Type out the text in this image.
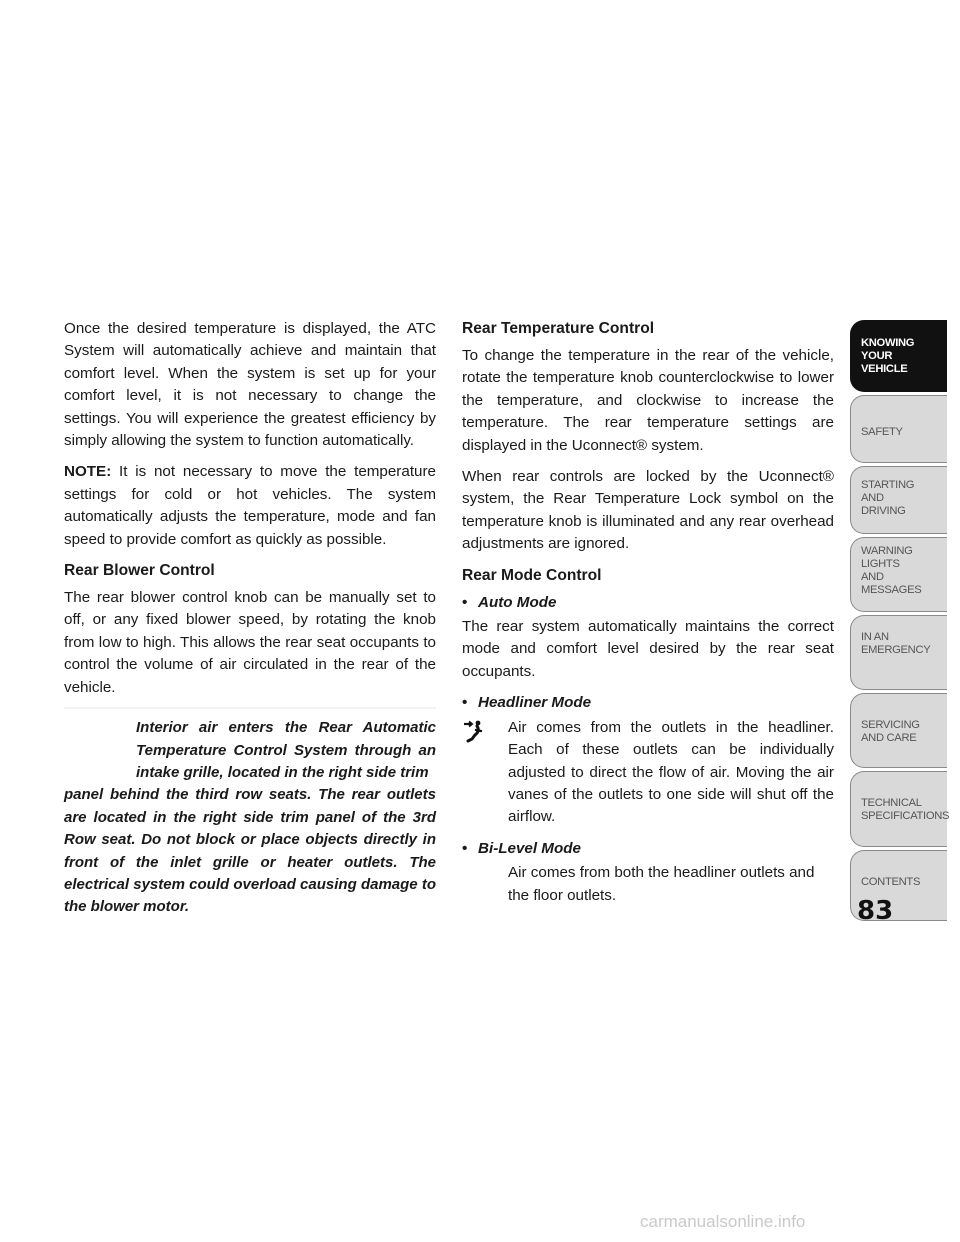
Once the desired temperature is displayed, the ATC System will automatically achieve and maintain that comfort level. When the system is set up for your comfort level, it is not necessary to change the settings. You will experience the greatest efficiency by simply allowing the system to function automatically.

NOTE: It is not necessary to move the temperature settings for cold or hot vehicles. The system automatically adjusts the temperature, mode and fan speed to provide comfort as quickly as possible.

Rear Blower Control

The rear blower control knob can be manually set to off, or any fixed blower speed, by rotating the knob from low to high. This allows the rear seat occupants to control the volume of air circulated in the rear of the vehicle.

Interior air enters the Rear Automatic Temperature Control System through an intake grille, located in the right side trim
panel behind the third row seats. The rear outlets are located in the right side trim panel of the 3rd Row seat. Do not block or place objects directly in front of the inlet grille or heater outlets. The electrical system could overload causing damage to the blower motor.
Rear Temperature Control

To change the temperature in the rear of the vehicle, rotate the temperature knob counterclockwise to lower the temperature, and clockwise to increase the temperature. The rear temperature settings are displayed in the Uconnect® system.

When rear controls are locked by the Uconnect® system, the Rear Temperature Lock symbol on the temperature knob is illuminated and any rear overhead adjustments are ignored.

Rear Mode Control
• Auto Mode

The rear system automatically maintains the correct mode and comfort level desired by the rear seat occupants.

• Headliner Mode

Air comes from the outlets in the headliner. Each of these outlets can be individually adjusted to direct the flow of air. Moving the air vanes of the outlets to one side will shut off the airflow.

• Bi-Level Mode

Air comes from both the headliner outlets and the floor outlets.

KNOWING
YOUR
VEHICLE
SAFETY
STARTING
AND
DRIVING
WARNING
LIGHTS
AND
MESSAGES
IN AN
EMERGENCY
SERVICING
AND CARE
TECHNICAL
SPECIFICATIONS
CONTENTS
83
carmanualsonline.info
